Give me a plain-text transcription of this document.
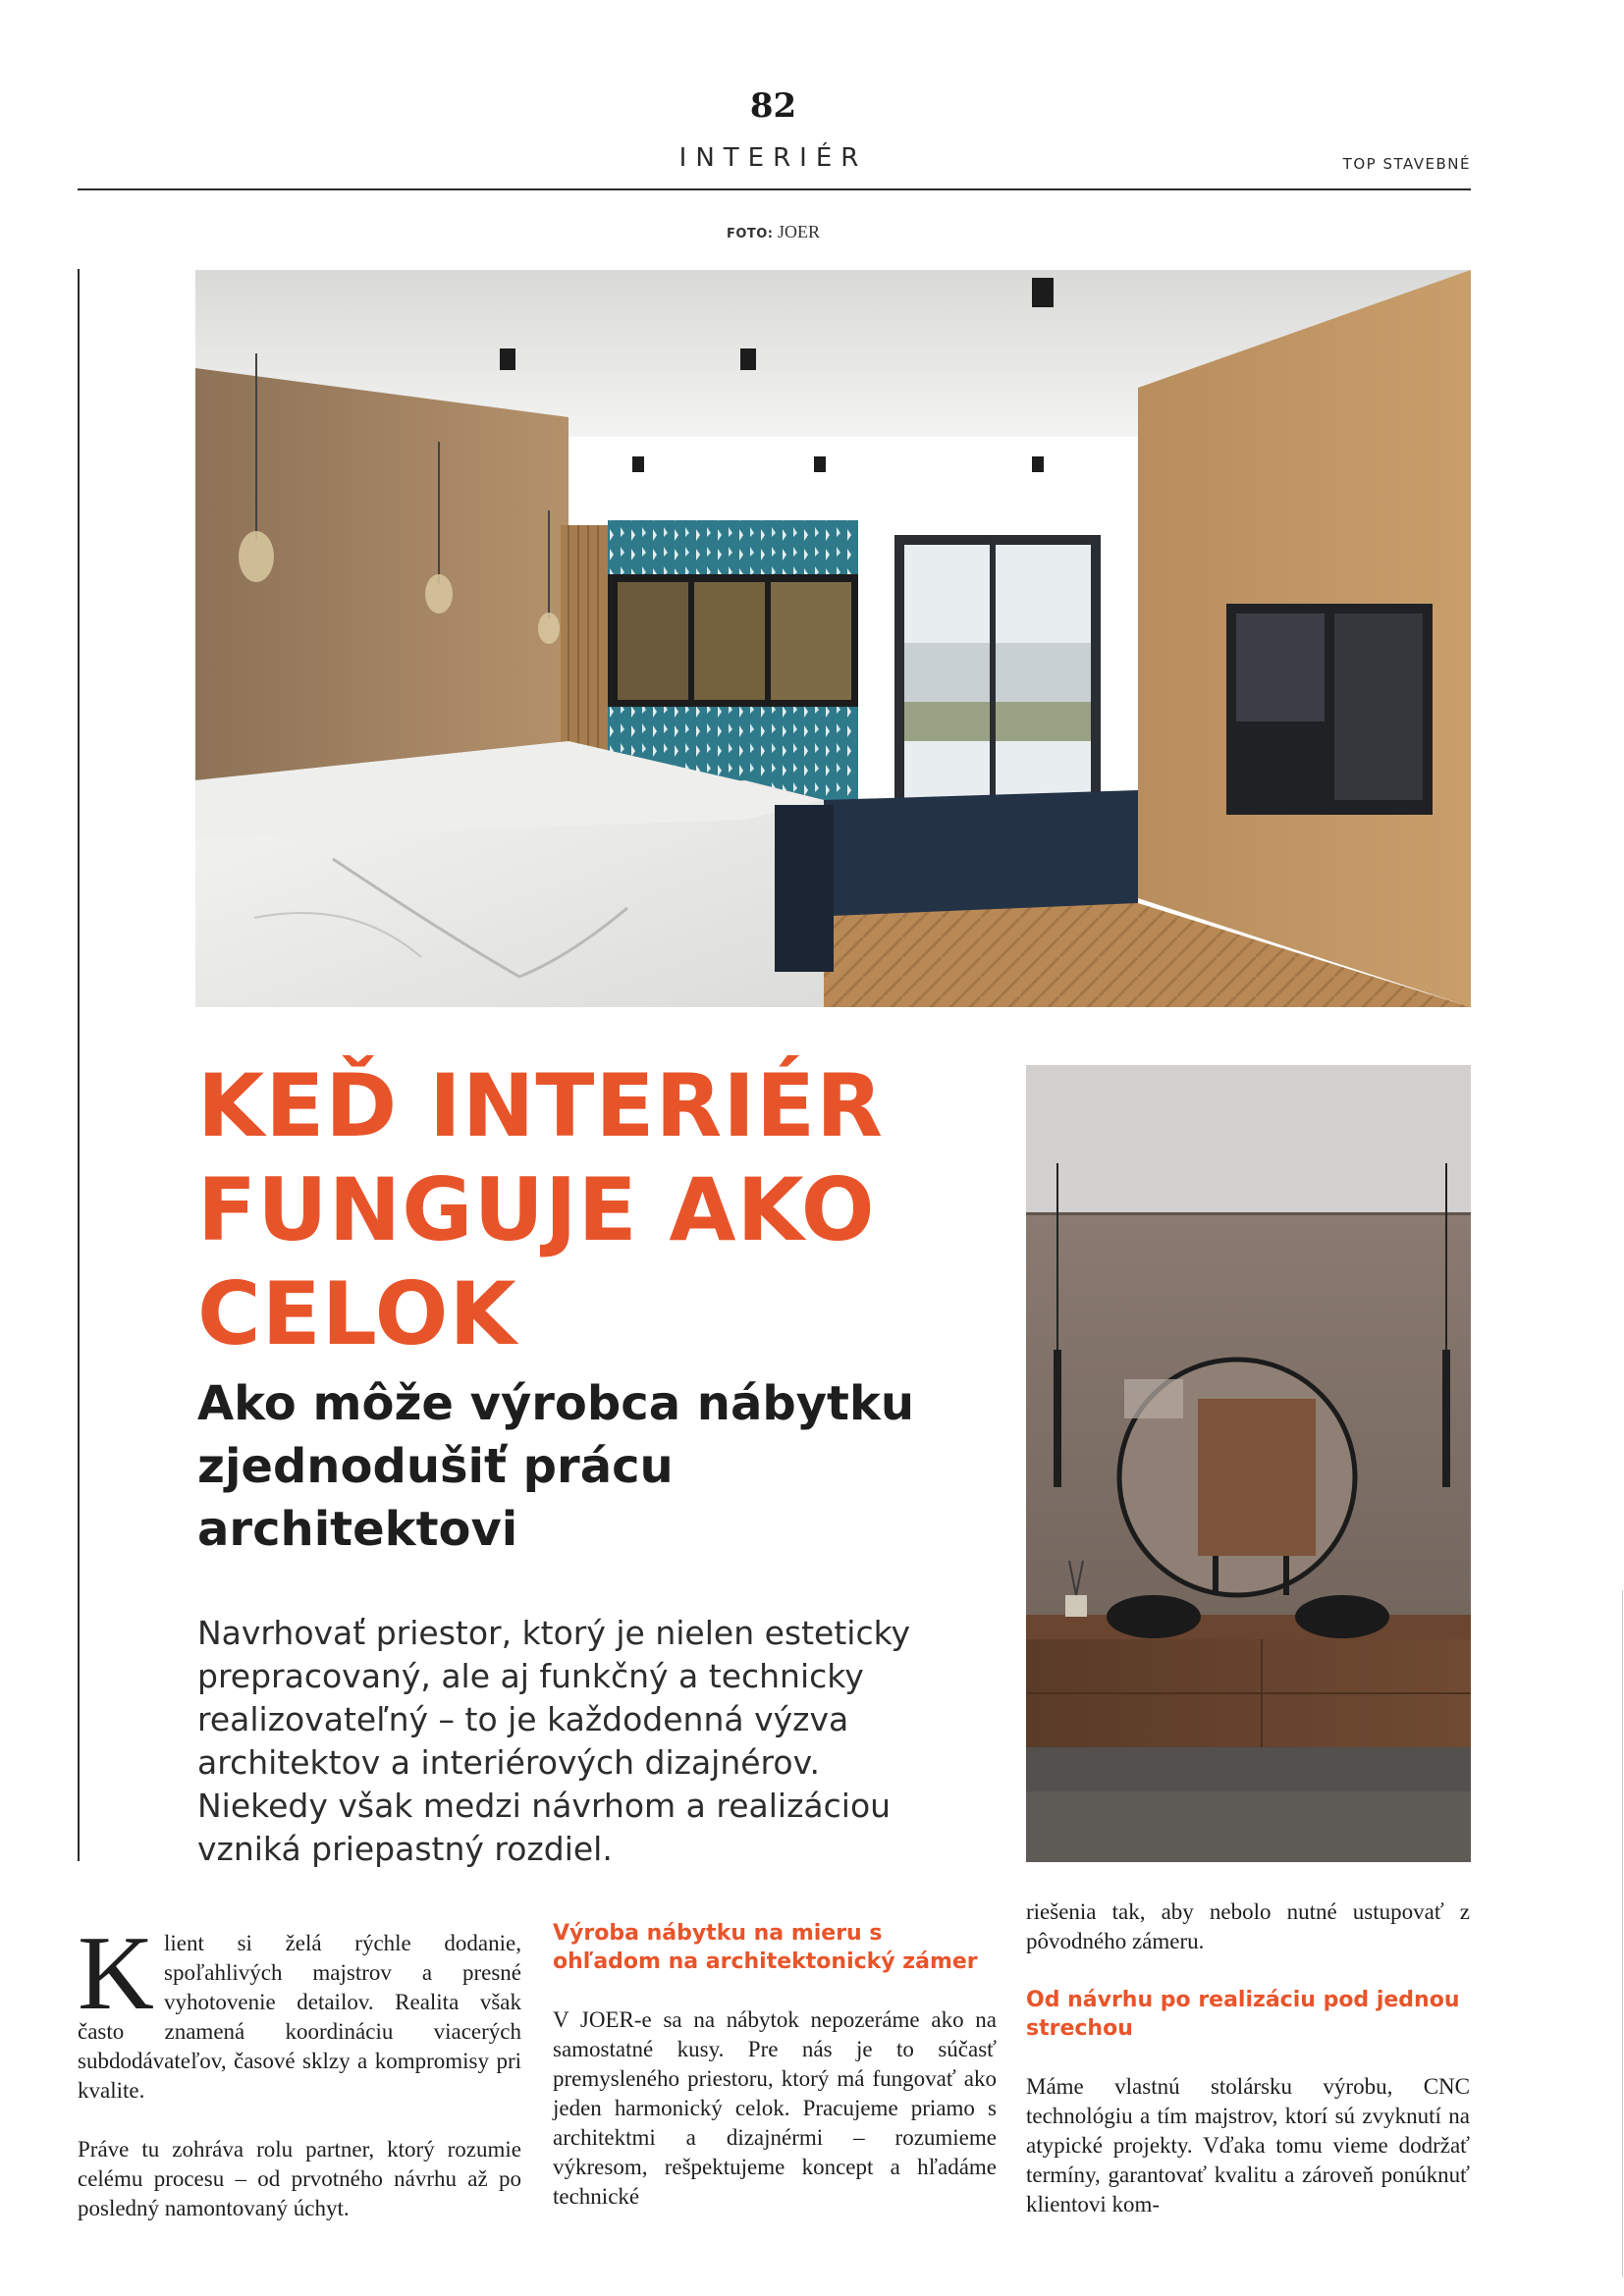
82
INTERIÉR	TOP STAVEBNÉ
FOTO: JOER
KEĎ INTERIÉR
FUNGUJE AKO
CELOK
Ako môže výrobca nábytku
zjednodušiť prácu
architektovi

Navrhovať priestor, ktorý je nielen esteticky
prepracovaný, ale aj funkčný a technicky
realizovateľný – to je každodenná výzva
architektov a interiérových dizajnérov.
Niekedy však medzi návrhom a realizáciou
vzniká priepastný rozdiel.

K lient si želá rýchle dodanie, spoľahlivých majstrov a presné vyhotovenie detailov. Realita však často znamená koordináciu viacerých subdodávateľov, časové sklzy a kompromisy pri kvalite.

Práve tu zohráva rolu partner, ktorý rozumie celému procesu – od prvotného návrhu až po posledný namontovaný úchyt.

Výroba nábytku na mieru s ohľadom na architektonický zámer

V JOER-e sa na nábytok nepozeráme ako na samostatné kusy. Pre nás je to súčasť premysleného priestoru, ktorý má fungovať ako jeden harmonický celok. Pracujeme priamo s architektmi a dizajnérmi – rozumieme výkresom, rešpektujeme koncept a hľadáme technické

riešenia tak, aby nebolo nutné ustupovať z pôvodného zámeru.

Od návrhu po realizáciu pod jednou strechou

Máme vlastnú stolársku výrobu, CNC technológiu a tím majstrov, ktorí sú zvyknutí na atypické projekty. Vďaka tomu vieme dodržať termíny, garantovať kvalitu a zároveň ponúknuť klientovi kom-
